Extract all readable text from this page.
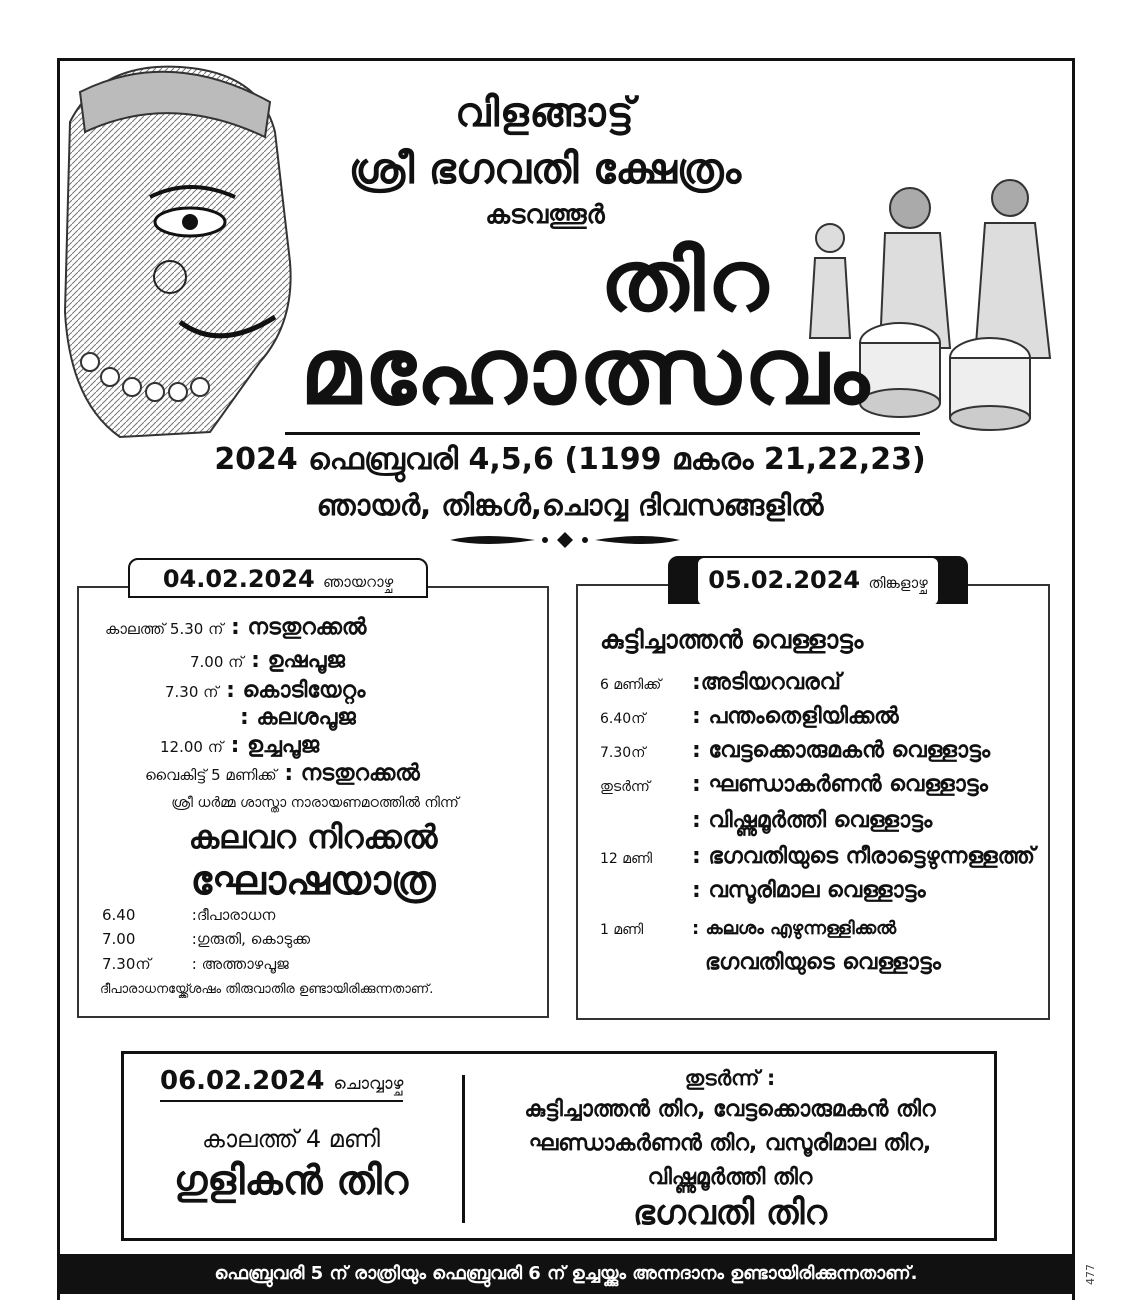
വിളങ്ങാട്ട്
ശ്രീ ഭഗവതി ക്ഷേത്രം
കടവത്തൂർ
തിറ
മഹോത്സവം
2024 ഫെബ്രുവരി 4,5,6 (1199 മകരം 21,22,23)
ഞായർ, തിങ്കൾ,ചൊവ്വ ദിവസങ്ങളിൽ
04.02.2024 ഞായറാഴ്ച
കാലത്ത് 5.30 ന് : നടതുറക്കൽ
7.00 ന് : ഉഷപൂജ
7.30 ന് : കൊടിയേറ്റം
: കലശപൂജ
12.00 ന് : ഉച്ചപൂജ
വൈകിട്ട് 5 മണിക്ക് : നടതുറക്കൽ
ശ്രീ ധർമ്മ ശാസ്താ നാരായണമഠത്തിൽ നിന്ന്
കലവറ നിറക്കൽ
ഘോഷയാത്ര
6.40	:ദീപാരാധന
7.00	:ഗുരുതി, കൊടുക്ക
7.30ന്	: അത്താഴപൂജ
ദീപാരാധനയ്ക്ക്ശേഷം തിരുവാതിര ഉണ്ടായിരിക്കുന്നതാണ്.
05.02.2024 തിങ്കളാഴ്ച
കുട്ടിച്ചാത്തൻ വെള്ളാട്ടം
6 മണിക്ക് :അടിയറവരവ്
6.40ന് : പന്തംതെളിയിക്കൽ
7.30ന് : വേട്ടക്കൊരുമകൻ വെള്ളാട്ടം
തുടർന്ന് : ഘണ്ഡാകർണൻ വെള്ളാട്ടം
: വിഷ്ണുമൂർത്തി വെള്ളാട്ടം
12 മണി : ഭഗവതിയുടെ നീരാട്ടെഴുന്നള്ളത്ത്
: വസൂരിമാല വെള്ളാട്ടം
1 മണി	: കലശം എഴുന്നള്ളിക്കൽ
ഭഗവതിയുടെ വെള്ളാട്ടം
06.02.2024 ചൊവ്വാഴ്ച
കാലത്ത് 4 മണി
ഗുളികൻ തിറ
തുടർന്ന് :
കുട്ടിച്ചാത്തൻ തിറ, വേട്ടക്കൊരുമകൻ തിറ
ഘണ്ഡാകർണൻ തിറ, വസൂരിമാല തിറ,
വിഷ്ണുമൂർത്തി തിറ
ഭഗവതി തിറ
ഫെബ്രുവരി 5 ന് രാത്രിയും ഫെബ്രുവരി 6 ന് ഉച്ചയ്ക്കും അന്നദാനം ഉണ്ടായിരിക്കുന്നതാണ്.	477
